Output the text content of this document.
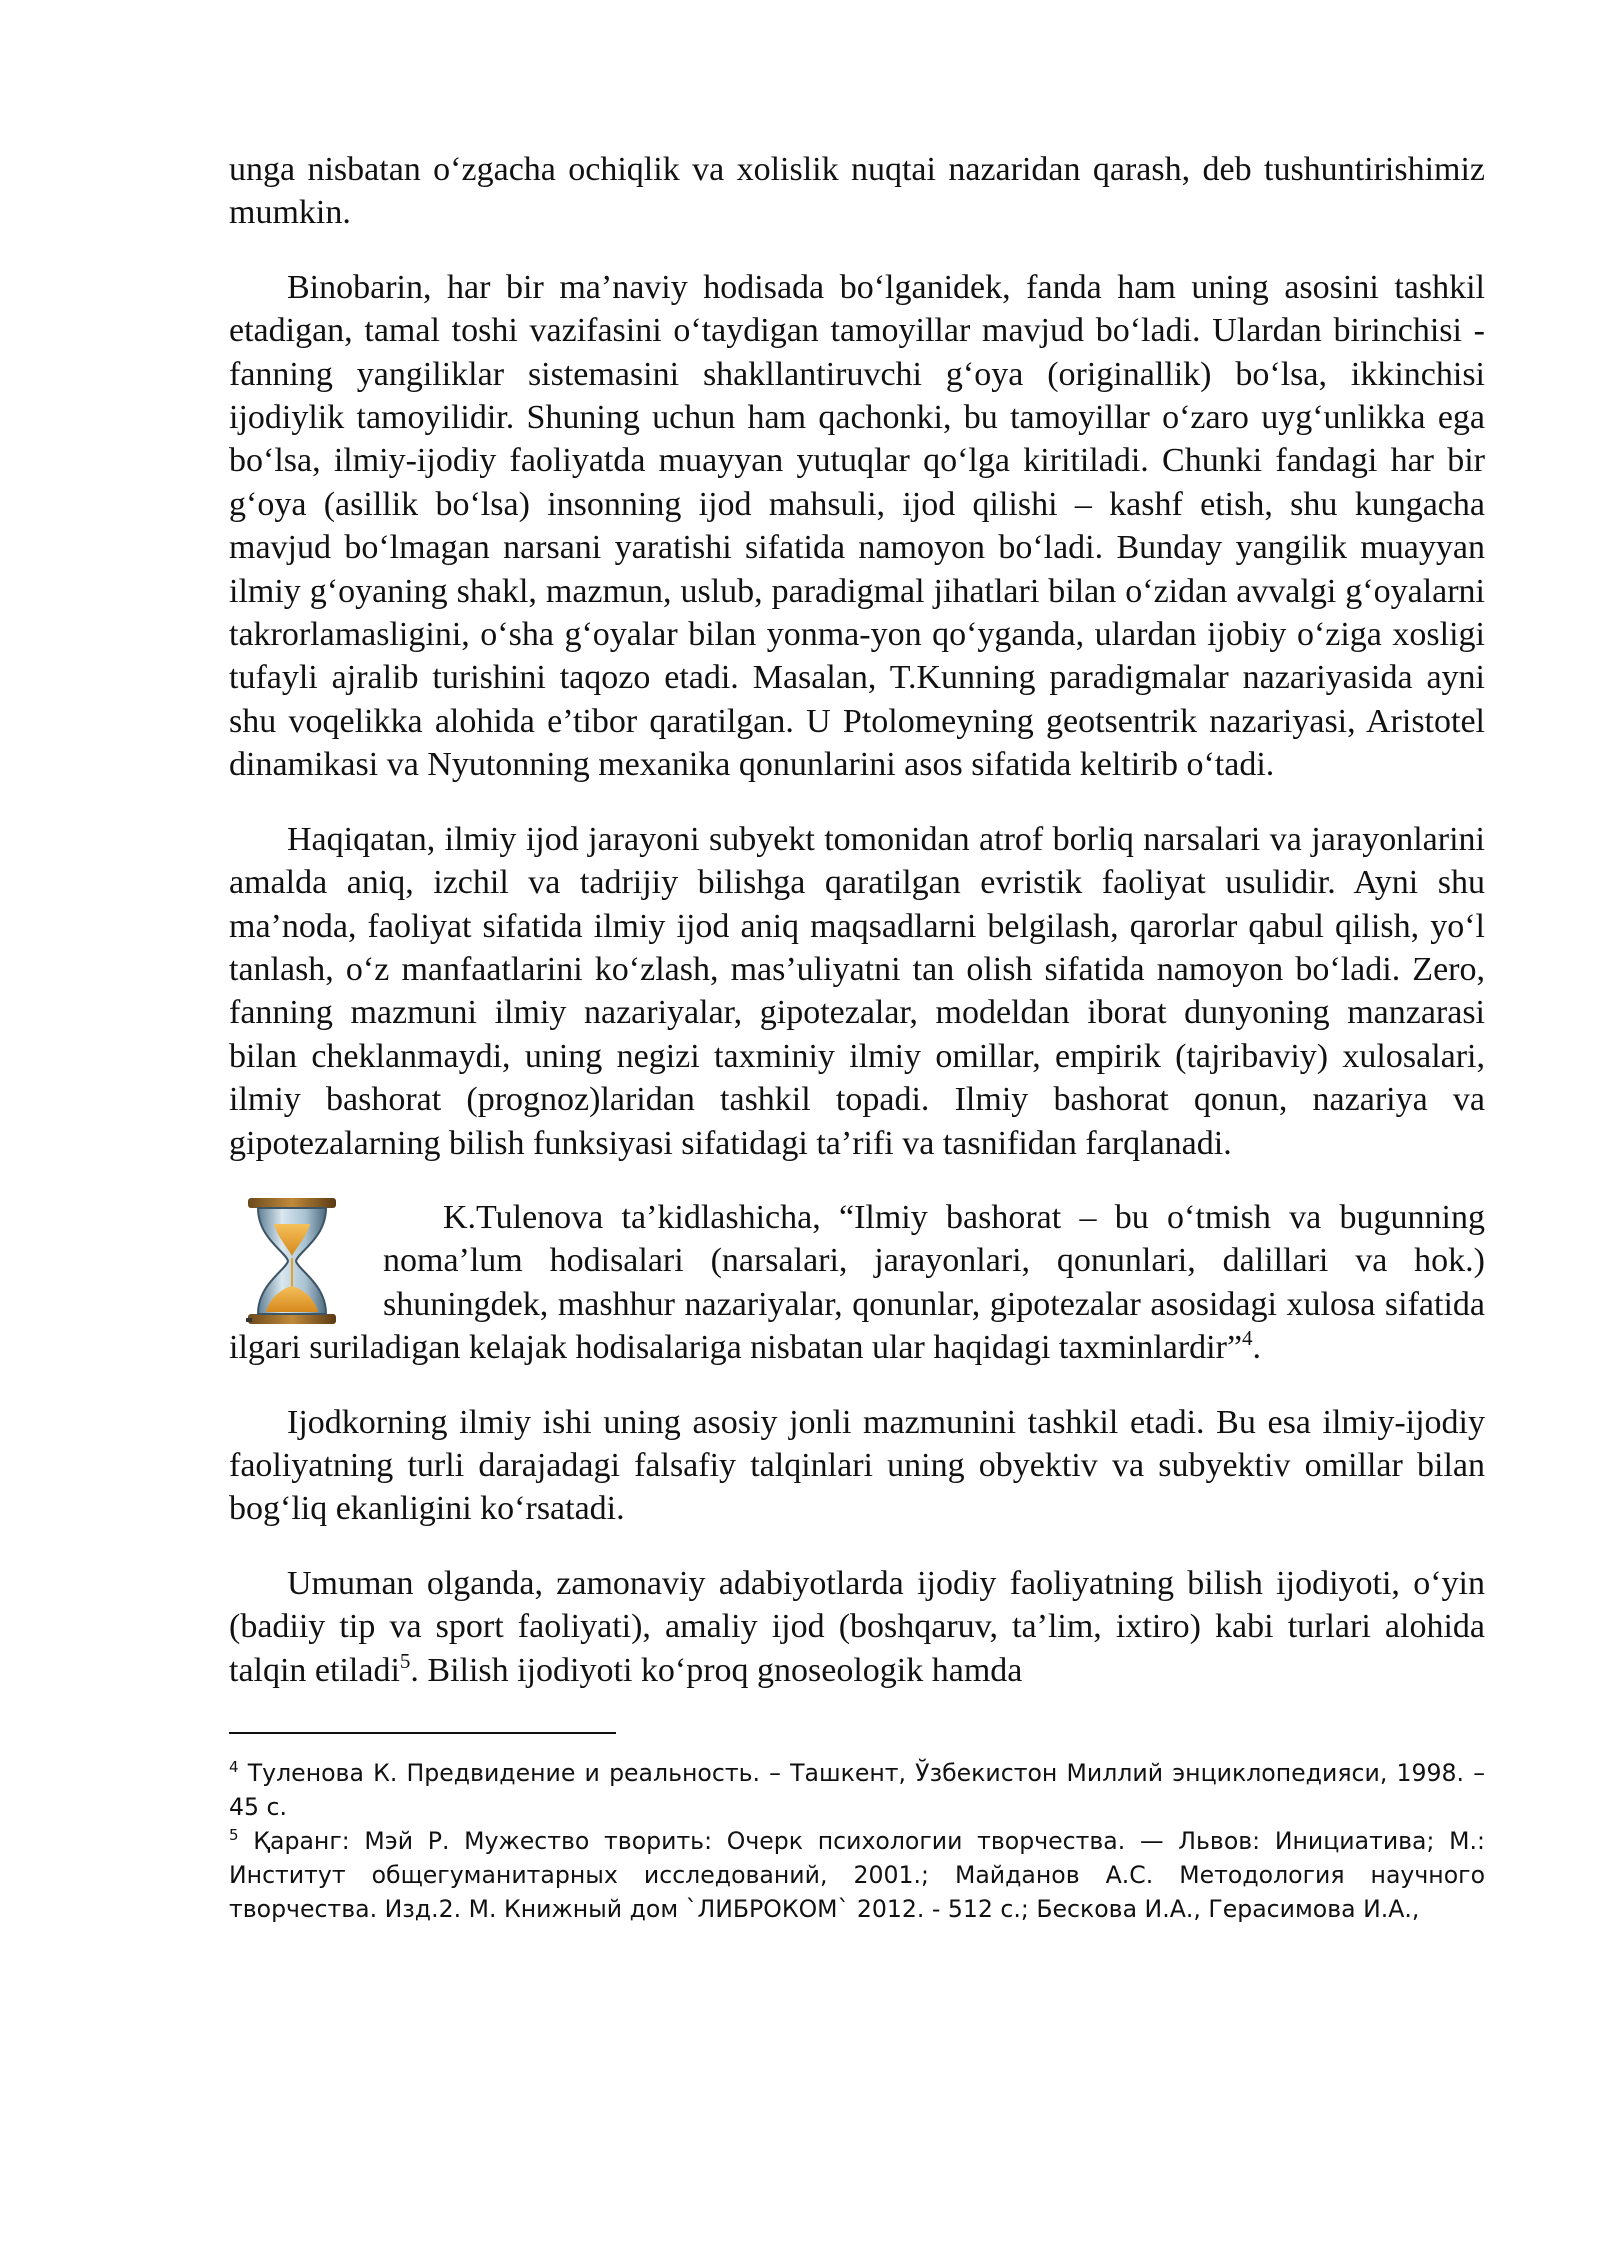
unga nisbatan o‘zgacha ochiqlik va xolislik nuqtai nazaridan qarash, deb tushuntirishimiz mumkin.

Binobarin, har bir ma’naviy hodisada bo‘lganidek, fanda ham uning asosini tashkil etadigan, tamal toshi vazifasini o‘taydigan tamoyillar mavjud bo‘ladi. Ulardan birinchisi - fanning yangiliklar sistemasini shakllantiruvchi g‘oya (originallik) bo‘lsa, ikkinchisi ijodiylik tamoyilidir. Shuning uchun ham qachonki, bu tamoyillar o‘zaro uyg‘unlikka ega bo‘lsa, ilmiy-ijodiy faoliyatda muayyan yutuqlar qo‘lga kiritiladi. Chunki fandagi har bir g‘oya (asillik bo‘lsa) insonning ijod mahsuli, ijod qilishi – kashf etish, shu kungacha mavjud bo‘lmagan narsani yaratishi sifatida namoyon bo‘ladi. Bunday yangilik muayyan ilmiy g‘oyaning shakl, mazmun, uslub, paradigmal jihatlari bilan o‘zidan avvalgi g‘oyalarni takrorlamasligini, o‘sha g‘oyalar bilan yonma-yon qo‘yganda, ulardan ijobiy o‘ziga xosligi tufayli ajralib turishini taqozo etadi. Masalan, T.Kunning paradigmalar nazariyasida ayni shu voqelikka alohida e’tibor qaratilgan. U Ptolomeyning geotsentrik nazariyasi, Aristotel dinamikasi va Nyutonning mexanika qonunlarini asos sifatida keltirib o‘tadi.

Haqiqatan, ilmiy ijod jarayoni subyekt tomonidan atrof borliq narsalari va jarayonlarini amalda aniq, izchil va tadrijiy bilishga qaratilgan evristik faoliyat usulidir. Ayni shu ma’noda, faoliyat sifatida ilmiy ijod aniq maqsadlarni belgilash, qarorlar qabul qilish, yo‘l tanlash, o‘z manfaatlarini ko‘zlash, mas’uliyatni tan olish sifatida namoyon bo‘ladi. Zero, fanning mazmuni ilmiy nazariyalar, gipotezalar, modeldan iborat dunyoning manzarasi bilan cheklanmaydi, uning negizi taxminiy ilmiy omillar, empirik (tajribaviy) xulosalari, ilmiy bashorat (prognoz)laridan tashkil topadi. Ilmiy bashorat qonun, nazariya va gipotezalarning bilish funksiyasi sifatidagi ta’rifi va tasnifidan farqlanadi.

K.Tulenova ta’kidlashicha, “Ilmiy bashorat – bu o‘tmish va bugunning noma’lum hodisalari (narsalari, jarayonlari, qonunlari, dalillari va hok.) shuningdek, mashhur nazariyalar, qonunlar, gipotezalar asosidagi xulosa sifatida ilgari suriladigan kelajak hodisalariga nisbatan ular haqidagi taxminlardir”$^4$.

Ijodkorning ilmiy ishi uning asosiy jonli mazmunini tashkil etadi. Bu esa ilmiy-ijodiy faoliyatning turli darajadagi falsafiy talqinlari uning obyektiv va subyektiv omillar bilan bog‘liq ekanligini ko‘rsatadi.

Umuman olganda, zamonaviy adabiyotlarda ijodiy faoliyatning bilish ijodiyoti, o‘yin (badiiy tip va sport faoliyati), amaliy ijod (boshqaruv, ta’lim, ixtiro) kabi turlari alohida talqin etiladi$^5$. Bilish ijodiyoti ko‘proq gnoseologik hamda

$^4$ Туленова К. Предвидение и реальность. – Ташкент, Ўзбекистон Миллий энциклопедияси, 1998. – 45 с.

$^5$ Қаранг: Мэй Р. Мужество творить: Очерк психологии творчества. — Львов: Инициатива; М.: Институт общегуманитарных исследований, 2001.; Майданов А.С. Методология научного творчества. Изд.2. М. Книжный дом `ЛИБРОКОМ` 2012. - 512 с.; Бескова И.А., Герасимова И.А.,
